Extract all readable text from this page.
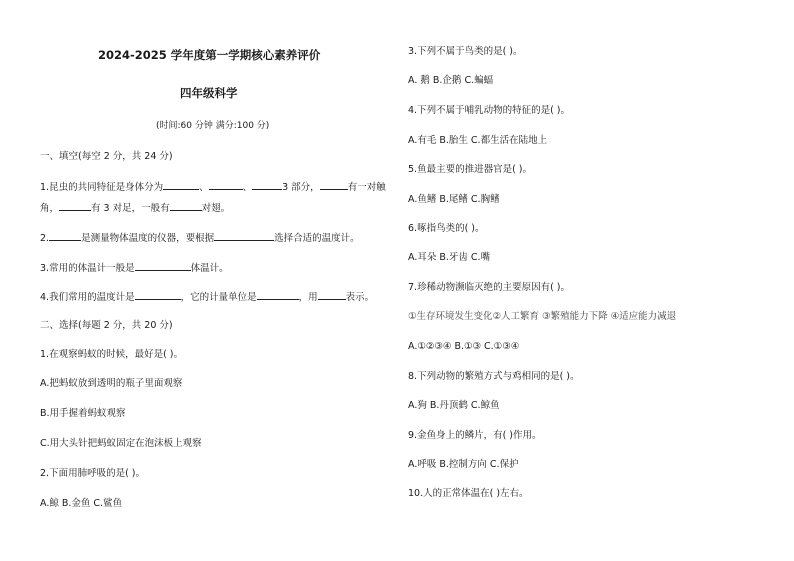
2024-2025 学年度第一学期核心素养评价
四年级科学
(时间:60 分钟 满分:100 分)
一、填空(每空 2 分，共 24 分)
1.昆虫的共同特征是身体分为	、	、	3 部分，	有一对触
角，	有 3 对足，一般有	对翅。
2.	是测量物体温度的仪器，要根据	选择合适的温度计。
3.常用的体温计一般是	体温计。
4.我们常用的温度计是	，它的计量单位是	，用	表示。
二、选择(每题 2 分，共 20 分)
1.在观察蚂蚁的时候，最好是( )。
A.把蚂蚁放到透明的瓶子里面观察
B.用手握着蚂蚁观察
C.用大头针把蚂蚁固定在泡沫板上观察
2.下面用肺呼吸的是( )。
A.鲸 B.金鱼 C.鲨鱼
3.下列不属于鸟类的是( )。
A. 鹅 B.企鹅 C.蝙蝠
4.下列不属于哺乳动物的特征的是( )。
A.有毛 B.胎生 C.都生活在陆地上
5.鱼最主要的推进器官是( )。
A.鱼鳍 B.尾鳍 C.胸鳍
6.啄指鸟类的( )。
A.耳朵 B.牙齿 C.嘴
7.珍稀动物濒临灭绝的主要原因有( )。
①生存环境发生变化②人工繁育 ③繁殖能力下降 ④适应能力减退
A.①②③④ B.①③ C.①③④
8.下列动物的繁殖方式与鸡相同的是( )。
A.狗 B.丹顶鹤 C.鲸鱼
9.金鱼身上的鳞片，有( )作用。
A.呼吸 B.控制方向 C.保护
10.人的正常体温在( )左右。
